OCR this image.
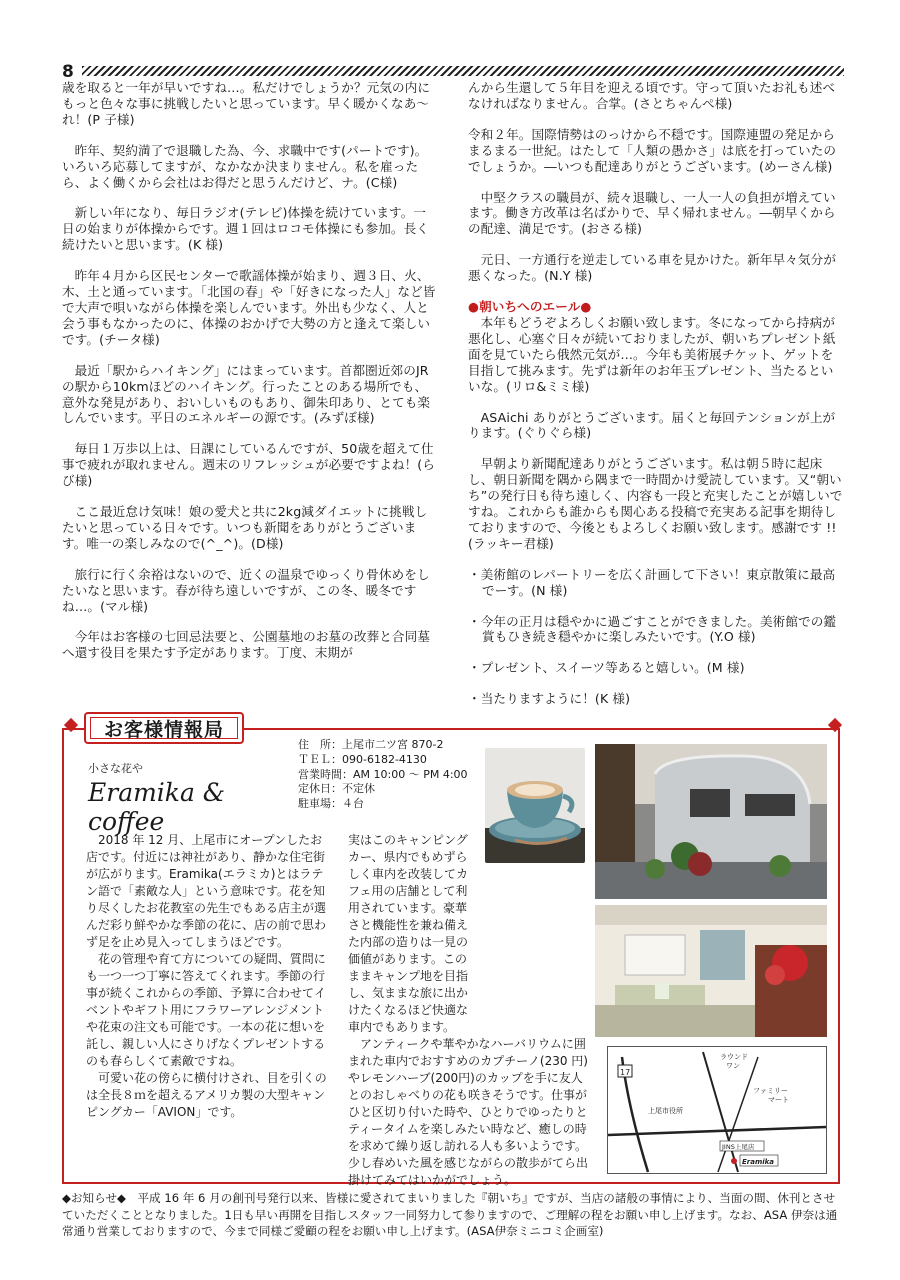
8

歳を取ると一年が早いですね…。私だけでしょうか？元気の内にもっと色々な事に挑戦したいと思っています。早く暖かくなあ〜れ！(P 子様)

昨年、契約満了で退職した為、今、求職中です(パートです)。いろいろ応募してますが、なかなか決まりません。私を雇ったら、よく働くから会社はお得だと思うんだけど、ナ。(C様)

新しい年になり、毎日ラジオ(テレビ)体操を続けています。一日の始まりが体操からです。週１回はロコモ体操にも参加。長く続けたいと思います。(K 様)

昨年４月から区民センターで歌謡体操が始まり、週３日、火、木、土と通っています。「北国の春」や「好きになった人」など皆で大声で唄いながら体操を楽しんでいます。外出も少なく、人と会う事もなかったのに、体操のおかげで大勢の方と逢えて楽しいです。(チータ様)

最近「駅からハイキング」にはまっています。首都圏近郊のJRの駅から10kmほどのハイキング。行ったことのある場所でも、意外な発見があり、おいしいものもあり、御朱印あり、とても楽しんでいます。平日のエネルギーの源です。(みずぼ様)

毎日１万歩以上は、日課にしているんですが、50歳を超えて仕事で疲れが取れません。週末のリフレッシュが必要ですよね！(らび様)

ここ最近怠け気味！娘の愛犬と共に2kg減ダイエットに挑戦したいと思っている日々です。いつも新聞をありがとうございます。唯一の楽しみなので(^_^)。(D様)

旅行に行く余裕はないので、近くの温泉でゆっくり骨休めをしたいなと思います。春が待ち遠しいですが、この冬、暖冬ですね…。(マル様)

今年はお客様の七回忌法要と、公園墓地のお墓の改葬と合同墓へ還す役目を果たす予定があります。丁度、末期が

んから生還して５年目を迎える頃です。守って頂いたお礼も述べなければなりません。合掌。(さとちゃんぺ様)

令和２年。国際情勢はのっけから不穏です。国際連盟の発足からまるまる一世紀。はたして「人類の愚かさ」は底を打っていたのでしょうか。―いつも配達ありがとうございます。(めーさん様)

中堅クラスの職員が、続々退職し、一人一人の負担が増えています。働き方改革は名ばかりで、早く帰れません。―朝早くからの配達、満足です。(おさる様)

元日、一方通行を逆走している車を見かけた。新年早々気分が悪くなった。(N.Y 様)

●朝いちへのエール●

本年もどうぞよろしくお願い致します。冬になってから持病が悪化し、心塞ぐ日々が続いておりましたが、朝いちプレゼント紙面を見ていたら俄然元気が…。今年も美術展チケット、ゲットを目指して挑みます。先ずは新年のお年玉プレゼント、当たるといいな。(リロ&ミミ様)

ASAichi ありがとうございます。届くと毎回テンションが上がります。(ぐりぐら様)

早朝より新聞配達ありがとうございます。私は朝５時に起床し、朝日新聞を隅から隅まで一時間かけ愛読しています。又“朝いち”の発行日も待ち遠しく、内容も一段と充実したことが嬉しいですね。これからも誰からも関心ある投稿で充実ある記事を期待しておりますので、今後ともよろしくお願い致します。感謝です !!(ラッキー君様)

・美術館のレパートリーを広く計画して下さい！東京散策に最高でーす。(N 様)

・今年の正月は穏やかに過ごすことができました。美術館での鑑賞もひき続き穏やかに楽しみたいです。(Y.O 様)

・プレゼント、スイーツ等あると嬉しい。(M 様)

・当たりますように！(K 様)

お客様情報局
小さな花や
Eramika & coffee
住　所：上尾市二ツ宮 870-2
ＴＥＬ：090-6182-4130
営業時間：AM 10:00 〜 PM 4:00
定休日：不定休
駐車場：４台

2018 年 12 月、上尾市にオープンしたお店です。付近には神社があり、静かな住宅街が広がります。Eramika(エラミカ)とはラテン語で「素敵な人」という意味です。花を知り尽くしたお花教室の先生でもある店主が選んだ彩り鮮やかな季節の花に、店の前で思わず足を止め見入ってしまうほどです。

花の管理や育て方についての疑問、質問にも一つ一つ丁寧に答えてくれます。季節の行事が続くこれからの季節、予算に合わせてイベントやギフト用にフラワーアレンジメントや花束の注文も可能です。一本の花に想いを託し、親しい人にさりげなくプレゼントするのも春らしくて素敵ですね。

可愛い花の傍らに横付けされ、目を引くのは全長８ｍを超えるアメリカ製の大型キャンピングカー「AVION」です。

実はこのキャンピングカー、県内でもめずらしく車内を改装してカフェ用の店舗として利用されています。豪華さと機能性を兼ね備えた内部の造りは一見の価値があります。このままキャンプ地を目指し、気ままな旅に出かけたくなるほど快適な車内でもあります。

アンティークや華やかなハーバリウムに囲まれた車内でおすすめのカプチーノ(230 円)やレモンハーブ(200円)のカップを手に友人とのおしゃべりの花も咲きそうです。仕事がひと区切り付いた時や、ひとりでゆったりとティータイムを楽しみたい時など、癒しの時を求めて繰り返し訪れる人も多いようです。少し春めいた風を感じながらの散歩がてら出掛けてみてはいかがでしょう。

17
ラウンド
ワン
上尾市役所
ファミリー
マート
JINS上尾店
Eramika
◆お知らせ◆　平成 16 年 6 月の創刊号発行以来、皆様に愛されてまいりました『朝いち』ですが、当店の諸般の事情により、当面の間、休刊とさせていただくこととなりました。1日も早い再開を目指しスタッフ一同努力して参りますので、ご理解の程をお願い申し上げます。なお、ASA 伊奈は通常通り営業しておりますので、今まで同様ご愛顧の程をお願い申し上げます。(ASA伊奈ミニコミ企画室)
